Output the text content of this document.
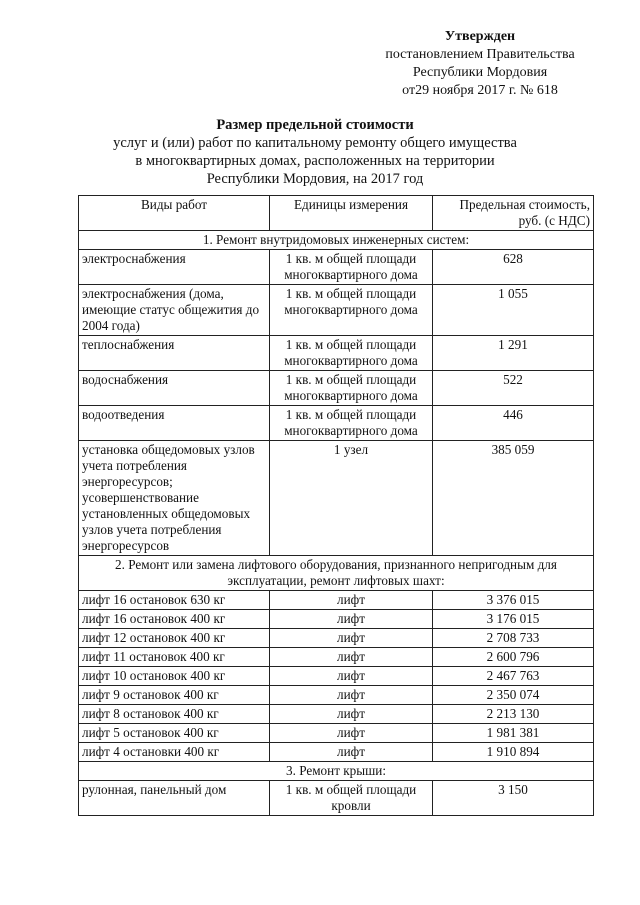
Утвержден
постановлением Правительства
Республики Мордовия
от29 ноября 2017 г. № 618
Размер предельной стоимости
услуг и (или) работ по капитальному ремонту общего имущества
в многоквартирных домах, расположенных на территории
Республики Мордовия, на 2017 год
Виды работ	Единицы измерения	Предельная стоимость, руб. (с НДС)
1. Ремонт внутридомовых инженерных систем:		
электроснабжения	1 кв. м общей площади многоквартирного дома	628
электроснабжения (дома, имеющие статус общежития до 2004 года)	1 кв. м общей площади многоквартирного дома	1 055
теплоснабжения	1 кв. м общей площади многоквартирного дома	1 291
водоснабжения	1 кв. м общей площади многоквартирного дома	522
водоотведения	1 кв. м общей площади многоквартирного дома	446
установка общедомовых узлов учета потребления энергоресурсов; усовершенствование установленных общедомовых узлов учета потребления энергоресурсов	1 узел	385 059
2. Ремонт или замена лифтового оборудования, признанного непригодным для эксплуатации, ремонт лифтовых шахт:		
лифт 16 остановок 630 кг	лифт	3 376 015
лифт 16 остановок 400 кг	лифт	3 176 015
лифт 12 остановок 400 кг	лифт	2 708 733
лифт 11 остановок 400 кг	лифт	2 600 796
лифт 10 остановок 400 кг	лифт	2 467 763
лифт 9 остановок 400 кг	лифт	2 350 074
лифт 8 остановок 400 кг	лифт	2 213 130
лифт 5 остановок 400 кг	лифт	1 981 381
лифт 4 остановки 400 кг	лифт	1 910 894
3. Ремонт крыши:		
рулонная, панельный дом	1 кв. м общей площади кровли	3 150
